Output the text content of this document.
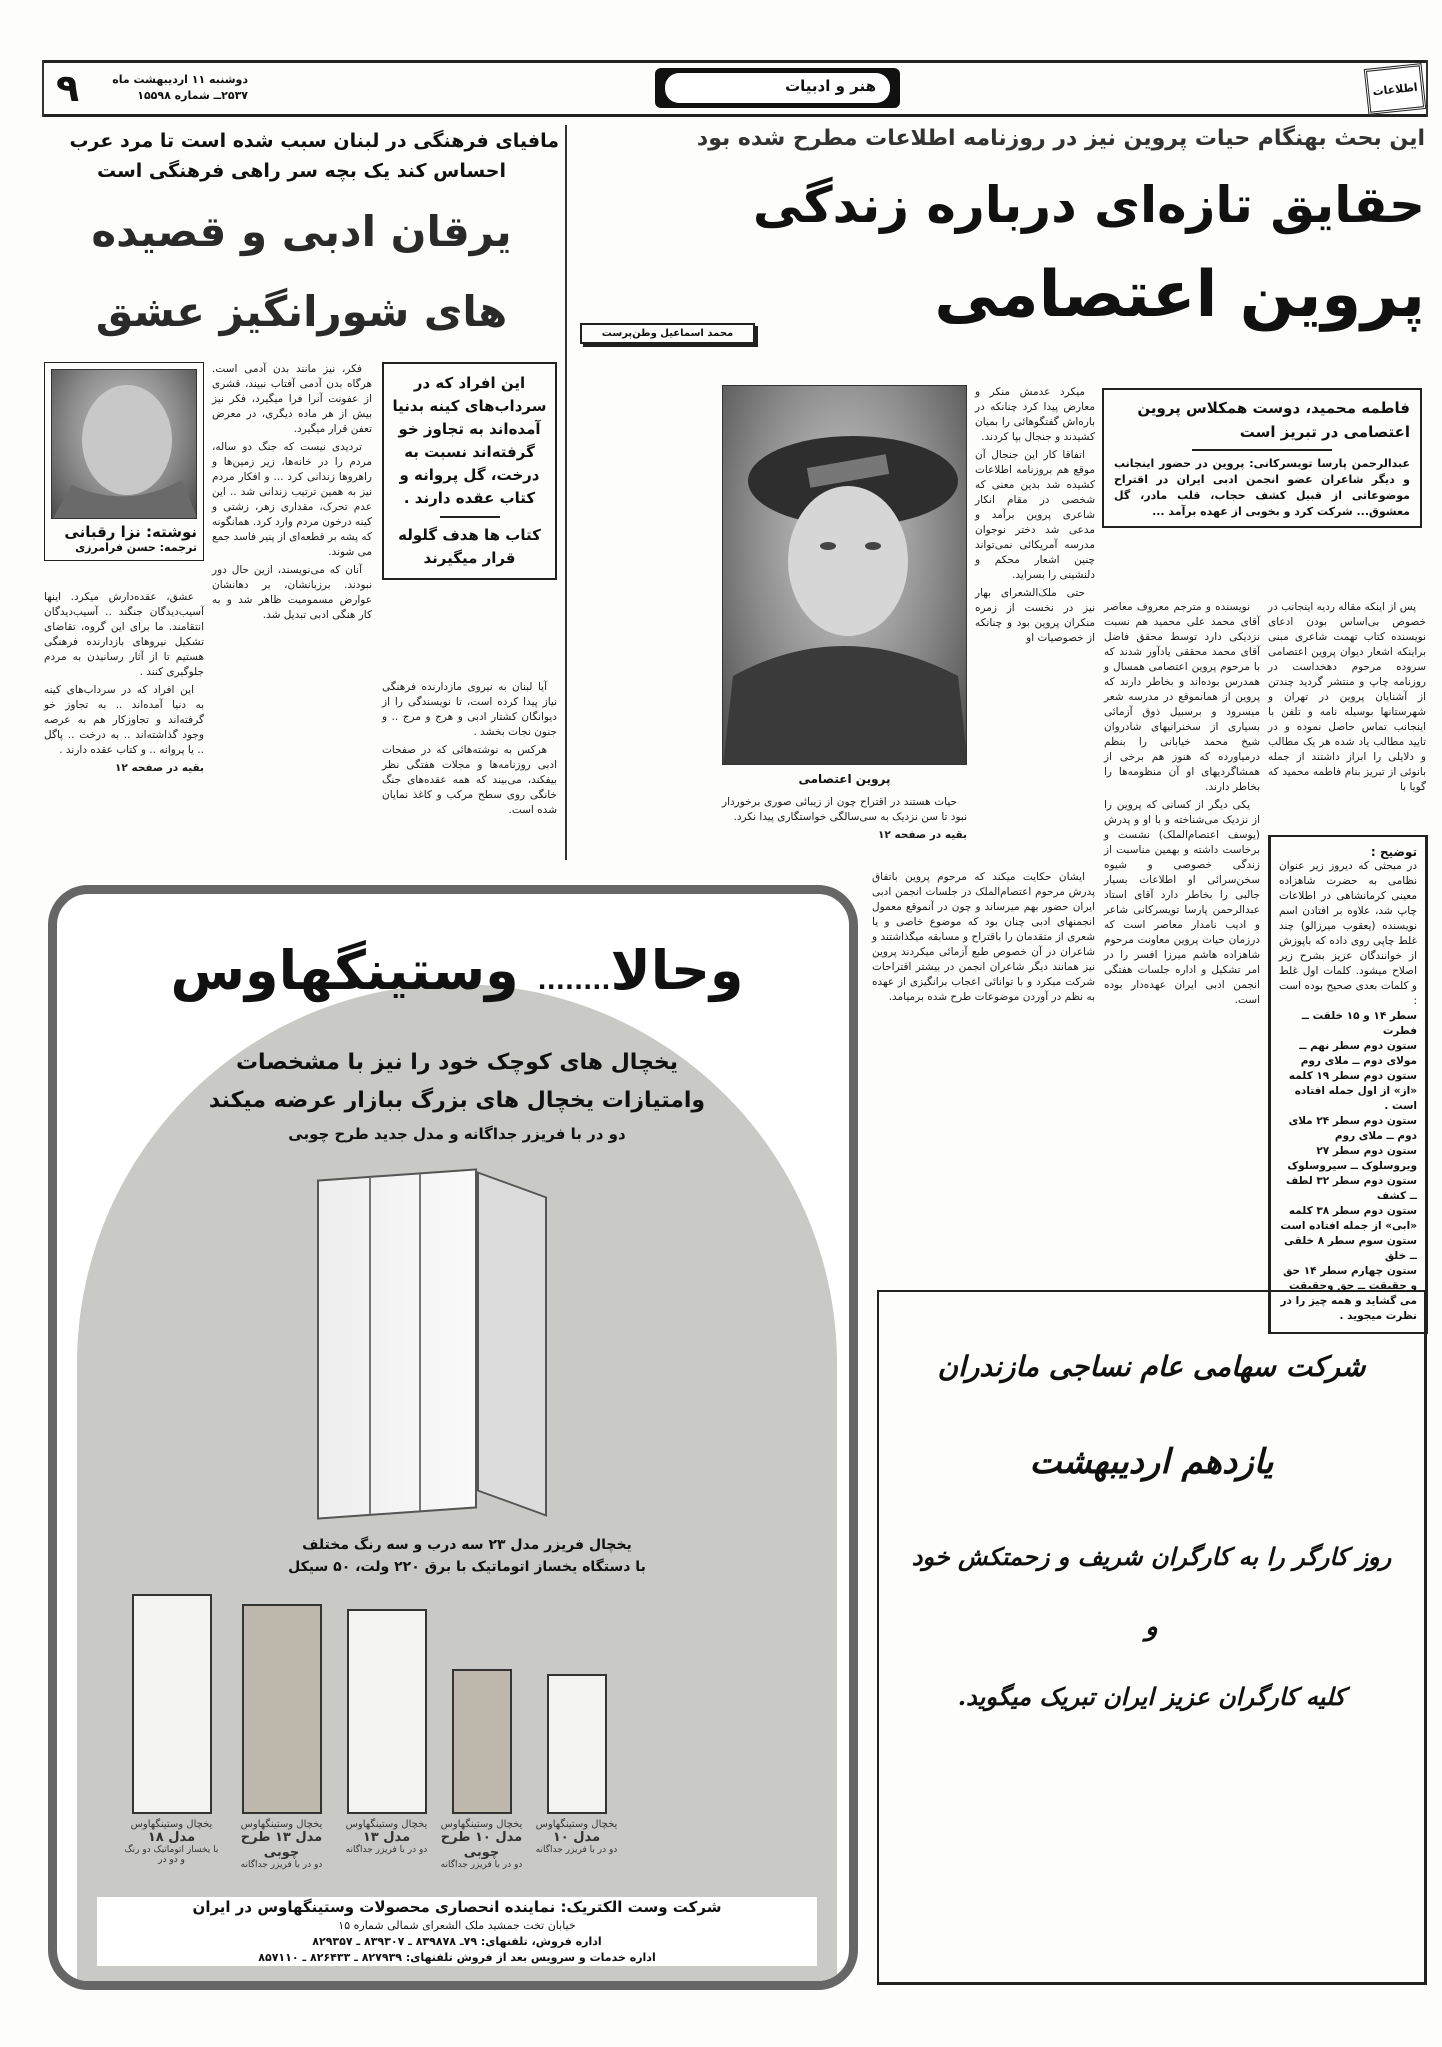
۹	دوشنبه ۱۱ اردیبهشت ماه
۲۵۳۷ــ شماره ۱۵۵۹۸
هنر و ادبیات	اطلاعات
این بحث بهنگام حیات پروین نیز در روزنامه اطلاعات مطرح شده بود
حقایق تازه‌ای درباره زندگی
پروین اعتصامی
محمد اسماعیل وطن‌پرست
پروین اعتصامی
فاطمه محمید، دوست همکلاس پروین اعتصامی در تبریز است
عبدالرحمن پارسا تویسرکانی: پروین در حضور اینجانب و دیگر شاعران عضو انجمن ادبی ایران در اقتراح موضوعاتی از قبیل کشف حجاب، قلب مادر، گل معشوق... شرکت کرد و بخوبی از عهده برآمد ...

پس از اینکه مقاله ردیه اینجانب در خصوص بی‌اساس بودن ادعای نویسنده کتاب تهمت شاعری مبنی براینکه اشعار دیوان پروین اعتصامی سروده مرحوم دهخداست در روزنامه چاپ و منتشر گردید چندتن از آشنایان پروین در تهران و شهرستانها بوسیله نامه و تلفن با اینجانب تماس حاصل نموده و در تایید مطالب یاد شده هر یک مطالب و دلایلی را ابراز داشتند از جمله بانوئی از تبریز بنام فاطمه محمید که گویا با

نویسنده و مترجم معروف معاصر آقای محمد علی محمید هم نسبت نزدیکی دارد توسط محقق فاضل آقای محمد محققی یادآور شدند که با مرحوم پروین اعتصامی همسال و همدرس بوده‌اند و بخاطر دارند که پروین از همانموقع در مدرسه شعر میسرود و برسبیل ذوق آزمائی بسیاری از سخنرانیهای شادروان شیخ محمد خیابانی را بنظم درمیاورده که هنوز هم برخی از همشاگردیهای او آن منظومه‌ها را بخاطر دارند.

یکی دیگر از کسانی که پروین را از نزدیک می‌شناخته و با او و پدرش (یوسف اعتصام‌الملک) نشست و برخاست داشته و بهمین مناسبت از زندگی خصوصی و شیوه سخن‌سرائی او اطلاعات بسیار جالبی را بخاطر دارد آقای استاد عبدالرحمن پارسا تویسرکانی شاعر و ادیب نامدار معاصر است که درزمان حیات پروین معاونت مرحوم شاهزاده هاشم میرزا افسر را در امر تشکیل و اداره جلسات هفتگی انجمن ادبی ایران عهده‌دار بوده است.

میکرد عدمش منکر و معارض پیدا کرد چنانکه در باره‌اش گفتگوهائی را بمیان کشیدند و جنجال بپا کردند.

اتفاقا کار این جنجال آن موقع هم بروزنامه اطلاعات کشیده شد بدین معنی که شخصی در مقام انکار شاعری پروین برآمد و مدعی شد دختر نوجوان مدرسه آمریکائی نمی‌تواند چنین اشعار محکم و دلنشینی را بسراید.

حتی ملک‌الشعرای بهار نیز در نخست از زمره منکران پروین بود و چنانکه از خصوصیات او

حیات هستند در اقتراح چون از زیبائی صوری برخوردار نبود تا سن نزدیک به سی‌سالگی خواستگاری پیدا نکرد.

بقیه در صفحه ۱۲

ایشان حکایت میکند که مرحوم پروین باتفاق پدرش مرحوم اعتصام‌الملک در جلسات انجمن ادبی ایران حضور بهم میرساند و چون در آنموقع معمول انجمنهای ادبی چنان بود که موضوع خاصی و یا شعری از متقدمان را باقتراح و مسابقه میگذاشتند و شاعران در آن خصوص طبع آزمائی میکردند پروین نیز همانند دیگر شاعران انجمن در بیشتر اقتراحات شرکت میکرد و با توانائی اعجاب برانگیزی از عهده به نظم در آوردن موضوعات طرح شده برمیامد.

توضیح :
در مبحثی که دیروز زیر عنوان نظامی به حضرت شاهزاده معینی کرمانشاهی در اطلاعات چاپ شد، علاوه بر افتادن اسم نویسنده (یعقوب میرزالو) چند غلط چاپی روی داده که باپوزش از خوانندگان عزیز بشرح زیر اصلاح میشود. کلمات اول غلط و کلمات بعدی صحیح بوده است :
سطر ۱۴ و ۱۵ خلقت ــ فطرت
ستون دوم سطر نهم ــ مولای دوم ــ ملای روم
ستون دوم سطر ۱۹ کلمه «از» از اول جمله افتاده است .
ستون دوم سطر ۲۴ ملای دوم ــ ملای روم
ستون دوم سطر ۲۷ ویروسلوک ــ سیروسلوک
ستون دوم سطر ۳۲ لطف ــ کشف
ستون دوم سطر ۳۸ کلمه «ابی» از جمله افتاده است
ستون سوم سطر ۸ خلقی ــ خلق
ستون چهارم سطر ۱۴ حق و حقیقت ــ حق وحقیقت می گشاید و همه چیز را در نظرت میجوید .
مافیای فرهنگی در لبنان سبب شده است تا مرد عرب
احساس کند یک بچه سر راهی فرهنگی است
یرقان ادبی و قصیده
های شورانگیز عشق
نوشته: نزا رقبانی
ترجمه: حسن فرامرزی

عشق، عقده‌دارش میکرد. اینها آسیب‌دیدگان جنگند .. آسیب‌دیدگان انتقامند. ما برای این گروه، تقاضای تشکیل نیروهای بازدارنده فرهنگی هستیم تا از آثار رسانیدن به مردم جلوگیری کنند .

این افراد که در سرداب‌های کینه به دنیا آمده‌اند .. به تجاوز خو گرفته‌اند و تجاوزکار هم به عرصه وجود گذاشته‌اند .. به درخت .. پاگل .. یا پروانه .. و کتاب عقده دارند .

بقیه در صفحه ۱۲

فکر، نیز مانند بدن آدمی است. هرگاه بدن آدمی آفتاب نبیند، قشری از عفونت آنرا فرا میگیرد، فکر نیز بیش از هر ماده دیگری، در معرض تعفن قرار میگیرد.

تردیدی نیست که جنگ دو ساله، مردم را در خانه‌ها، زیر زمین‌ها و راهروها زندانی کرد ... و افکار مردم نیز به همین ترتیب زندانی شد .. این عدم تحرک، مقداری زهر، زشتی و کینه درخون مردم وارد کرد. همانگونه که پشه بر قطعه‌ای از پنیر فاسد جمع می شوند.

آنان که می‌نویسند، ازین حال دور نبودند. برزبانشان، بر دهانشان عوارض مسمومیت ظاهر شد و به کار هنگی ادبی تبدیل شد.

این افراد که در سرداب‌های کینه بدنیا آمده‌اند به تجاوز خو گرفته‌اند نسبت به درخت، گل پروانه و کتاب عقده دارند .
کتاب ها هدف گلوله قرار میگیرند

آیا لبنان به نیروی مازدارنده فرهنگی نیاز پیدا کرده است، تا نویسندگی را از دیوانگان کشتار ادبی و هرج و مرج .. و جنون نجات بخشد .

هرکس به نوشته‌هائی که در صفحات ادبی روزنامه‌ها و مجلات هفتگی نظر بیفکند، می‌بیند که همه عقده‌های جنگ خانگی روی سطح مرکب و کاغذ نمایان شده است.

وحالا........ وستینگهاوس
یخچال های کوچک خود را نیز با مشخصات
وامتیازات یخچال های بزرگ ببازار عرضه میکند
دو در با فریزر جداگانه و مدل جدید طرح چوبی
یخچال فریزر مدل ۲۳ سه درب و سه رنگ مختلف
با دستگاه یخساز اتوماتیک با برق ۲۲۰ ولت، ۵۰ سیکل
یخچال وستینگهاوس
مدل ۱۸
با یخساز اتوماتیک دو رنگ و دو در
یخچال وستینگهاوس
مدل ۱۳ طرح چوبی
دو در با فریزر جداگانه
یخچال وستینگهاوس
مدل ۱۳
دو در با فریزر جداگانه
یخچال وستینگهاوس
مدل ۱۰ طرح چوبی
دو در با فریزر جداگانه
یخچال وستینگهاوس
مدل ۱۰
دو در با فریزر جداگانه
شرکت وست الکتریک: نماینده انحصاری محصولات وستینگهاوس در ایران
خیابان تخت جمشید ملک الشعرای شمالی شماره ۱۵
اداره فروش، تلفنهای: ۷۹ـ ۸۳۹۸۷۸ ـ ۸۳۹۳۰۷ ـ ۸۲۹۳۵۷
اداره خدمات و سرویس بعد از فروش تلفنهای: ۸۲۷۹۳۹ ـ ۸۲۶۴۳۳ ـ ۸۵۷۱۱۰
شرکت سهامی عام نساجی مازندران
یازدهم اردیبهشت
روز کارگر را به کارگران شریف و زحمتکش خود
و
کلیه کارگران عزیز ایران تبریک میگوید.
